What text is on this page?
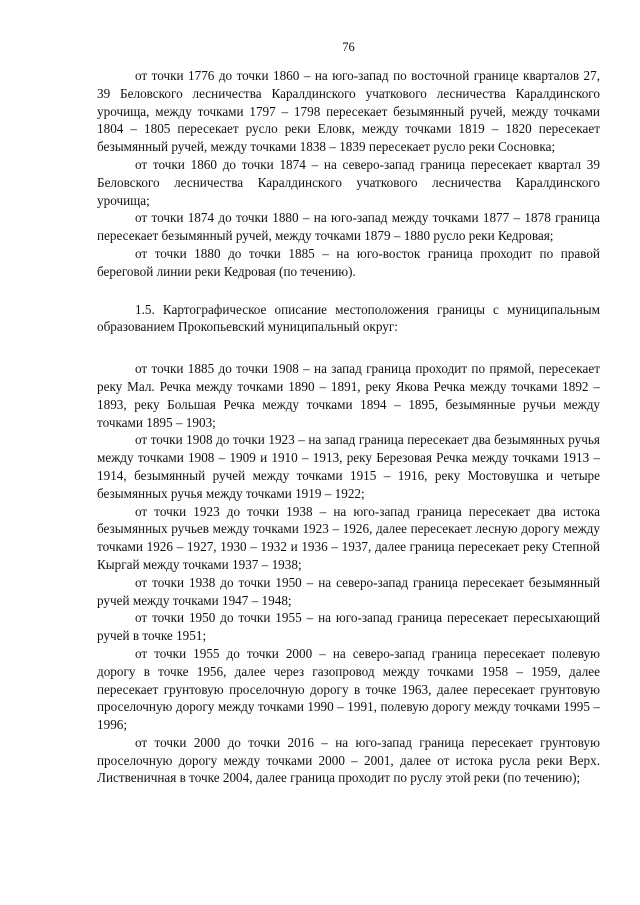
76

от точки 1776 до точки 1860 – на юго-запад по восточной границе кварталов 27, 39 Беловского лесничества Каралдинского учаткового лесничества Каралдинского урочища, между точками 1797 – 1798 пересекает безымянный ручей, между точками 1804 – 1805 пересекает русло реки Еловк, между точками 1819 – 1820 пересекает безымянный ручей, между точками 1838 – 1839 пересекает русло реки Сосновка;

от точки 1860 до точки 1874 – на северо-запад граница пересекает квартал 39 Беловского лесничества Каралдинского учаткового лесничества Каралдинского урочища;

от точки 1874 до точки 1880 – на юго-запад между точками 1877 – 1878 граница пересекает безымянный ручей, между точками 1879 – 1880 русло реки Кедровая;

от точки 1880 до точки 1885 – на юго-восток граница проходит по правой береговой линии реки Кедровая (по течению).

1.5. Картографическое описание местоположения границы с муниципальным образованием Прокопьевский муниципальный округ:

от точки 1885 до точки 1908 – на запад граница проходит по прямой, пересекает реку Мал. Речка между точками 1890 – 1891, реку Якова Речка между точками 1892 – 1893, реку Большая Речка между точками 1894 – 1895, безымянные ручьи между точками 1895 – 1903;

от точки 1908 до точки 1923 – на запад граница пересекает два безымянных ручья между точками 1908 – 1909 и 1910 – 1913, реку Березовая Речка между точками 1913 – 1914, безымянный ручей между точками 1915 – 1916, реку Мостовушка и четыре безымянных ручья между точками 1919 – 1922;

от точки 1923 до точки 1938 – на юго-запад граница пересекает два истока безымянных ручьев между точками 1923 – 1926, далее пересекает лесную дорогу между точками 1926 – 1927, 1930 – 1932 и 1936 – 1937, далее граница пересекает реку Степной Кыргай между точками 1937 – 1938;

от точки 1938 до точки 1950 – на северо-запад граница пересекает безымянный ручей между точками 1947 – 1948;

от точки 1950 до точки 1955 – на юго-запад граница пересекает пересыхающий ручей в точке 1951;

от точки 1955 до точки 2000 – на северо-запад граница пересекает полевую дорогу в точке 1956, далее через газопровод между точками 1958 – 1959, далее пересекает грунтовую проселочную дорогу в точке 1963, далее пересекает грунтовую проселочную дорогу между точками 1990 – 1991, полевую дорогу между точками 1995 – 1996;

от точки 2000 до точки 2016 – на юго-запад граница пересекает грунтовую проселочную дорогу между точками 2000 – 2001, далее от истока русла реки Верх. Лиственичная в точке 2004, далее граница проходит по руслу этой реки (по течению);
